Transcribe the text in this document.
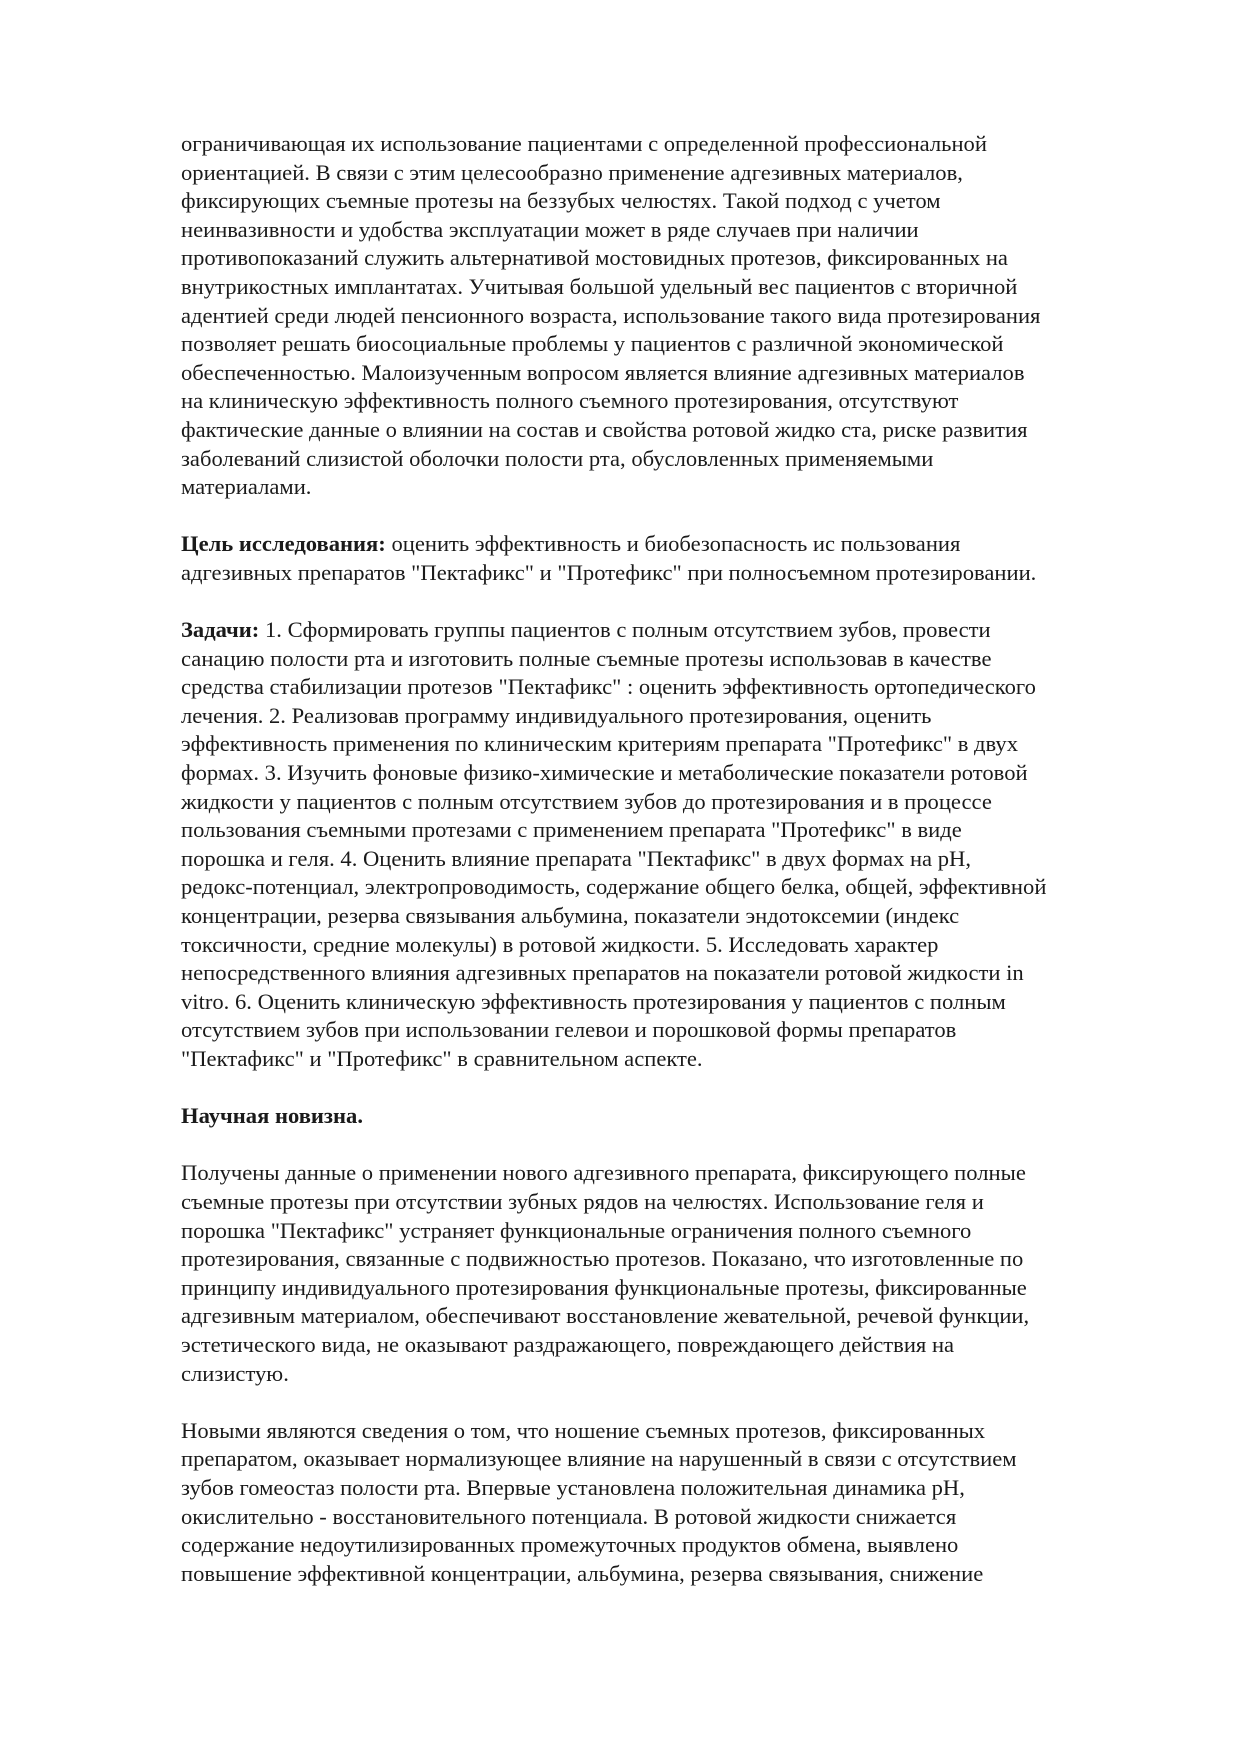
ограничивающая их использование пациентами с определенной профессиональной
ориентацией. В связи с этим целесообразно применение адгезивных материалов,
фиксирующих съемные протезы на беззубых челюстях. Такой подход с учетом
неинвазивности и удобства эксплуатации может в ряде случаев при наличии
противопоказаний служить альтернативой мостовидных протезов, фиксированных на
внутрикостных имплантатах. Учитывая большой удельный вес пациентов с вторичной
адентией среди людей пенсионного возраста, использование такого вида протезирования
позволяет решать биосоциальные проблемы у пациентов с различной экономической
обеспеченностью. Малоизученным вопросом является влияние адгезивных материалов
на клиническую эффективность полного съемного протезирования, отсутствуют
фактические данные о влиянии на состав и свойства ротовой жидко ста, риске развития
заболеваний слизистой оболочки полости рта, обусловленных применяемыми
материалами.
Цель исследования: оценить эффективность и биобезопасность ис пользования
адгезивных препаратов "Пектафикс" и "Протефикс" при полносъемном протезировании.
Задачи: 1. Сформировать группы пациентов с полным отсутствием зубов, провести
санацию полости рта и изготовить полные съемные протезы использовав в качестве
средства стабилизации протезов "Пектафикс" : оценить эффективность ортопедического
лечения. 2. Реализовав программу индивидуального протезирования, оценить
эффективность применения по клиническим критериям препарата "Протефикс" в двух
формах. 3. Изучить фоновые физико-химические и метаболические показатели ротовой
жидкости у пациентов с полным отсутствием зубов до протезирования и в процессе
пользования съемными протезами с применением препарата "Протефикс" в виде
порошка и геля. 4. Оценить влияние препарата "Пектафикс" в двух формах на pH,
редокс-потенциал, электропроводимость, содержание общего белка, общей, эффективной
концентрации, резерва связывания альбумина, показатели эндотоксемии (индекс
токсичности, средние молекулы) в ротовой жидкости. 5. Исследовать характер
непосредственного влияния адгезивных препаратов на показатели ротовой жидкости in
vitro. 6. Оценить клиническую эффективность протезирования у пациентов с полным
отсутствием зубов при использовании гелевои и порошковой формы препаратов
"Пектафикс" и "Протефикс" в сравнительном аспекте.
Научная новизна.
Получены данные о применении нового адгезивного препарата, фиксирующего полные
съемные протезы при отсутствии зубных рядов на челюстях. Использование геля и
порошка "Пектафикс" устраняет функциональные ограничения полного съемного
протезирования, связанные с подвижностью протезов. Показано, что изготовленные по
принципу индивидуального протезирования функциональные протезы, фиксированные
адгезивным материалом, обеспечивают восстановление жевательной, речевой функции,
эстетического вида, не оказывают раздражающего, повреждающего действия на
слизистую.
Новыми являются сведения о том, что ношение съемных протезов, фиксированных
препаратом, оказывает нормализующее влияние на нарушенный в связи с отсутствием
зубов гомеостаз полости рта. Впервые установлена положительная динамика pH,
окислительно - восстановительного потенциала. В ротовой жидкости снижается
содержание недоутилизированных промежуточных продуктов обмена, выявлено
повышение эффективной концентрации, альбумина, резерва связывания, снижение
